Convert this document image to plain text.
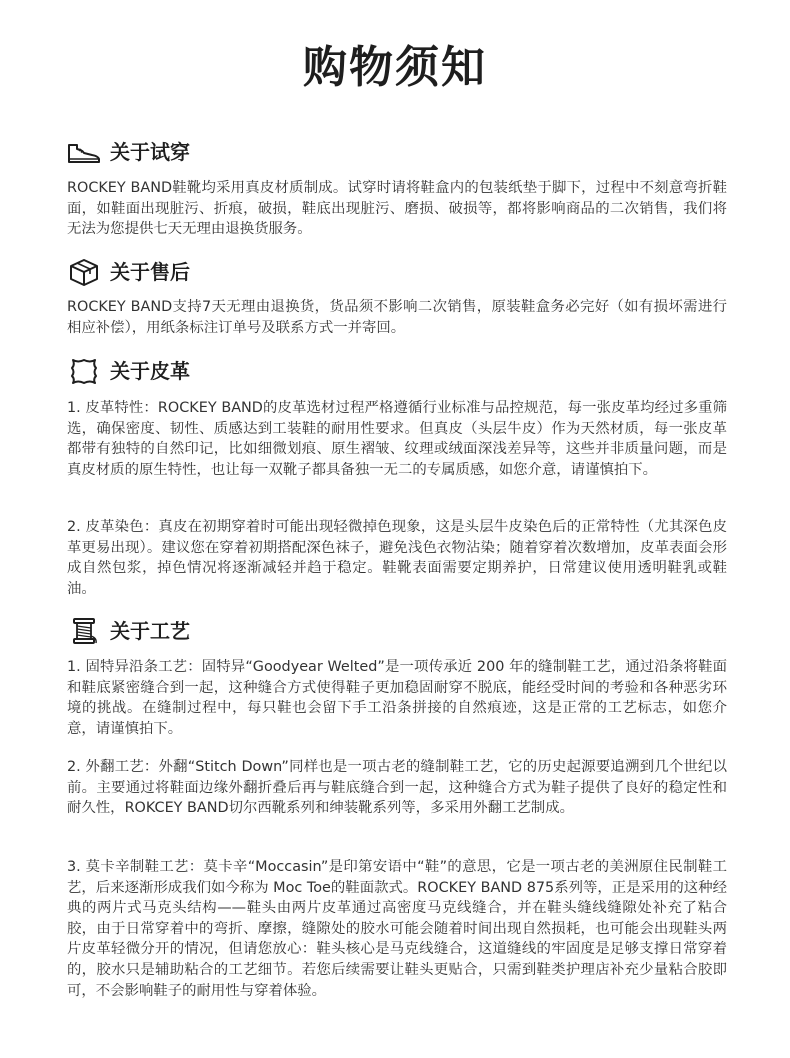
购物须知
关于试穿

ROCKEY BAND鞋靴均采用真皮材质制成。试穿时请将鞋盒内的包装纸垫于脚下，过程中不刻意弯折鞋面，如鞋面出现脏污、折痕，破损，鞋底出现脏污、磨损、破损等，都将影响商品的二次销售，我们将无法为您提供七天无理由退换货服务。

关于售后

ROCKEY BAND支持7天无理由退换货，货品须不影响二次销售，原装鞋盒务必完好（如有损坏需进行相应补偿），用纸条标注订单号及联系方式一并寄回。

关于皮革

1. 皮革特性：ROCKEY BAND的皮革选材过程严格遵循行业标准与品控规范，每一张皮革均经过多重筛选，确保密度、韧性、质感达到工装鞋的耐用性要求。但真皮（头层牛皮）作为天然材质，每一张皮革都带有独特的自然印记，比如细微划痕、原生褶皱、纹理或绒面深浅差异等，这些并非质量问题，而是真皮材质的原生特性，也让每一双靴子都具备独一无二的专属质感，如您介意，请谨慎拍下。

2. 皮革染色：真皮在初期穿着时可能出现轻微掉色现象，这是头层牛皮染色后的正常特性（尤其深色皮革更易出现）。建议您在穿着初期搭配深色袜子，避免浅色衣物沾染；随着穿着次数增加，皮革表面会形成自然包浆，掉色情况将逐渐减轻并趋于稳定。鞋靴表面需要定期养护，日常建议使用透明鞋乳或鞋油。

关于工艺

1. 固特异沿条工艺：固特异“Goodyear Welted”是一项传承近 200 年的缝制鞋工艺，通过沿条将鞋面和鞋底紧密缝合到一起，这种缝合方式使得鞋子更加稳固耐穿不脱底，能经受时间的考验和各种恶劣环境的挑战。在缝制过程中，每只鞋也会留下手工沿条拼接的自然痕迹，这是正常的工艺标志，如您介意，请谨慎拍下。

2. 外翻工艺：外翻“Stitch Down”同样也是一项古老的缝制鞋工艺，它的历史起源要追溯到几个世纪以前。主要通过将鞋面边缘外翻折叠后再与鞋底缝合到一起，这种缝合方式为鞋子提供了良好的稳定性和耐久性，ROKCEY BAND切尔西靴系列和绅装靴系列等，多采用外翻工艺制成。

3. 莫卡辛制鞋工艺：莫卡辛“Moccasin”是印第安语中“鞋”的意思，它是一项古老的美洲原住民制鞋工艺，后来逐渐形成我们如今称为 Moc Toe的鞋面款式。ROCKEY BAND 875系列等，正是采用的这种经典的两片式马克头结构——鞋头由两片皮革通过高密度马克线缝合，并在鞋头缝线缝隙处补充了粘合胶，由于日常穿着中的弯折、摩擦，缝隙处的胶水可能会随着时间出现自然损耗，也可能会出现鞋头两片皮革轻微分开的情况，但请您放心：鞋头核心是马克线缝合，这道缝线的牢固度是足够支撑日常穿着的，胶水只是辅助粘合的工艺细节。若您后续需要让鞋头更贴合，只需到鞋类护理店补充少量粘合胶即可，不会影响鞋子的耐用性与穿着体验。
